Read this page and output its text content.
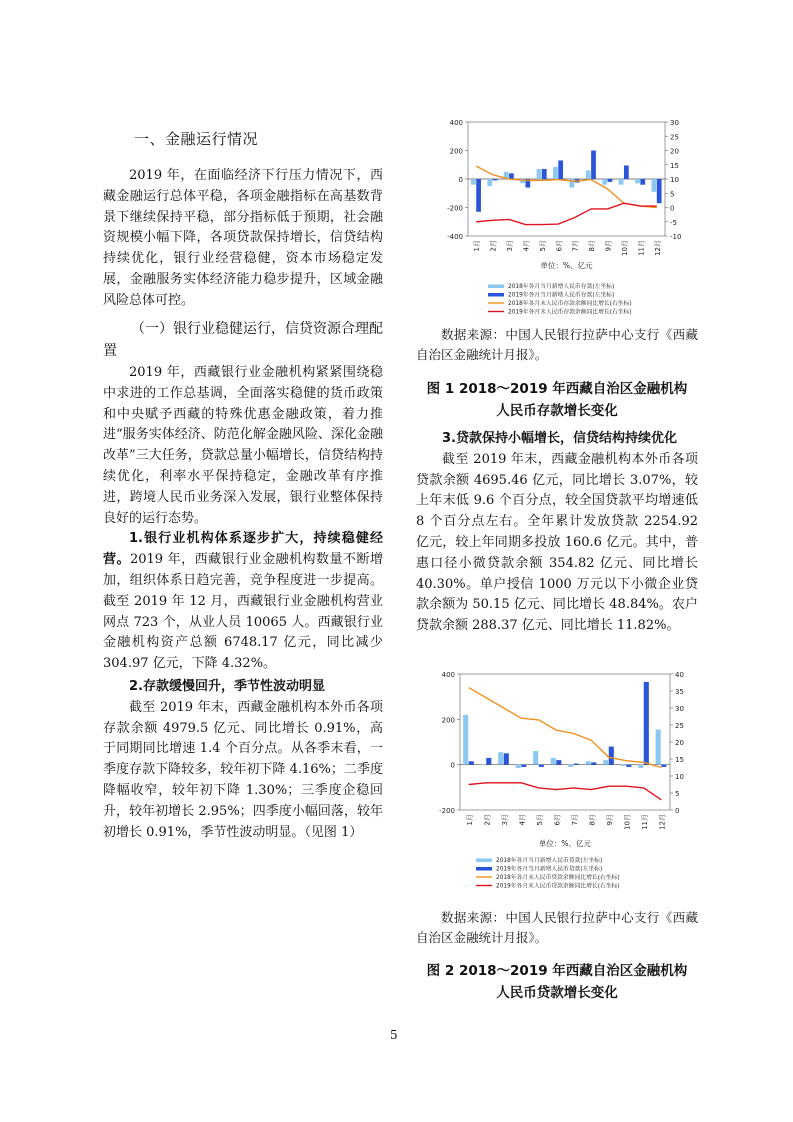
一、金融运行情况

2019 年，在面临经济下行压力情况下，西藏金融运行总体平稳，各项金融指标在高基数背景下继续保持平稳，部分指标低于预期，社会融资规模小幅下降，各项贷款保持增长，信贷结构持续优化，银行业经营稳健，资本市场稳定发展，金融服务实体经济能力稳步提升，区域金融风险总体可控。

（一）银行业稳健运行，信贷资源合理配置

2019 年，西藏银行业金融机构紧紧围绕稳中求进的工作总基调，全面落实稳健的货币政策和中央赋予西藏的特殊优惠金融政策，着力推进“服务实体经济、防范化解金融风险、深化金融改革”三大任务，贷款总量小幅增长，信贷结构持续优化，利率水平保持稳定，金融改革有序推进，跨境人民币业务深入发展，银行业整体保持良好的运行态势。

1.银行业机构体系逐步扩大，持续稳健经营。2019 年，西藏银行业金融机构数量不断增加，组织体系日趋完善，竞争程度进一步提高。截至 2019 年 12 月，西藏银行业金融机构营业网点 723 个，从业人员 10065 人。西藏银行业金融机构资产总额 6748.17 亿元，同比减少 304.97 亿元，下降 4.32%。

2.存款缓慢回升，季节性波动明显

截至 2019 年末，西藏金融机构本外币各项存款余额 4979.5 亿元、同比增长 0.91%，高于同期同比增速 1.4 个百分点。从各季末看，一季度存款下降较多，较年初下降 4.16%；二季度降幅收窄，较年初下降 1.30%；三季度企稳回升，较年初增长 2.95%；四季度小幅回落，较年初增长 0.91%，季节性波动明显。（见图 1）

-400
-200
0
200
400
-10
-5
0
5
10
15
20
25
30
1月 2月 3月 4月 5月 6月 7月 8月 9月 10月 11月 12月
单位：%、亿元
2018年各月当月新增人民币存款(左坐标)
2019年各月当月新增人民币存款(左坐标)
2018年各月末人民币存款余额同比增长(右坐标)
2019年各月末人民币存款余额同比增长(右坐标)
数据来源：中国人民银行拉萨中心支行《西藏自治区金融统计月报》。
图 1 2018～2019 年西藏自治区金融机构
人民币存款增长变化

3.贷款保持小幅增长，信贷结构持续优化

截至 2019 年末，西藏金融机构本外币各项贷款余额 4695.46 亿元，同比增长 3.07%，较上年末低 9.6 个百分点，较全国贷款平均增速低 8 个百分点左右。全年累计发放贷款 2254.92 亿元，较上年同期多投放 160.6 亿元。其中，普惠口径小微贷款余额 354.82 亿元、同比增长 40.30%。单户授信 1000 万元以下小微企业贷款余额为 50.15 亿元、同比增长 48.84%。农户贷款余额 288.37 亿元、同比增长 11.82%。

-200
0
200
400
0
5
10
15
20
25
30
35
40
1月 2月 3月 4月 5月 6月 7月 8月 9月 10月 11月 12月
单位：%、亿元
2018年各月当月新增人民币贷款(左坐标)
2019年各月当月新增人民币贷款(左坐标)
2018年各月末人民币贷款余额同比增长(右坐标)
2019年各月末人民币贷款余额同比增长(右坐标)
数据来源：中国人民银行拉萨中心支行《西藏自治区金融统计月报》。
图 2 2018～2019 年西藏自治区金融机构
人民币贷款增长变化
5
